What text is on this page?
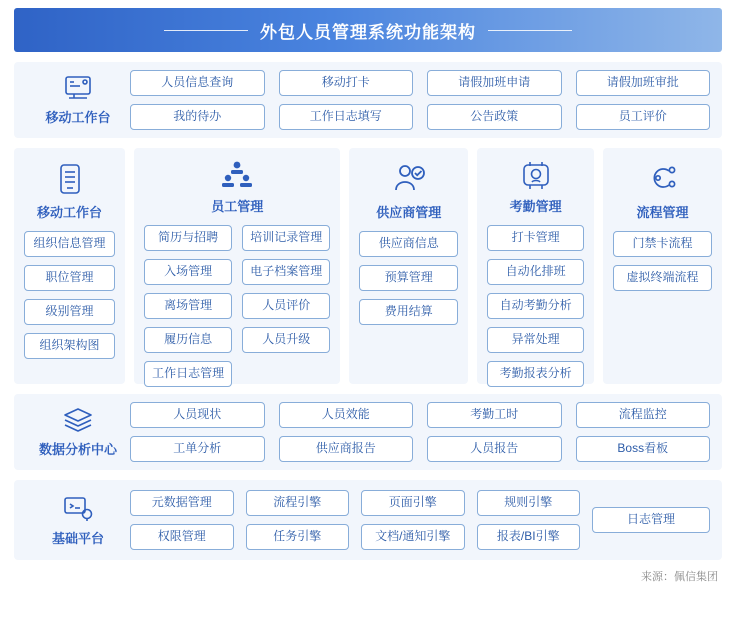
外包人员管理系统功能架构
移动工作台
人员信息查询	移动打卡	请假加班申请	请假加班审批
我的待办	工作日志填写	公告政策	员工评价
移动工作台
组织信息管理
职位管理
级别管理
组织架构图
员工管理
简历与招聘	培训记录管理
入场管理	电子档案管理
离场管理	人员评价
履历信息	人员升级
工作日志管理
供应商管理
供应商信息
预算管理
费用结算
考勤管理
打卡管理
自动化排班
自动考勤分析
异常处理
考勤报表分析
流程管理
门禁卡流程
虚拟终端流程
数据分析中心
人员现状	人员效能	考勤工时	流程监控
工单分析	供应商报告	人员报告	Boss看板
基础平台
元数据管理	流程引擎	页面引擎	规则引擎
权限管理	任务引擎	文档/通知引擎	报表/BI引擎
日志管理
来源：佩信集团
